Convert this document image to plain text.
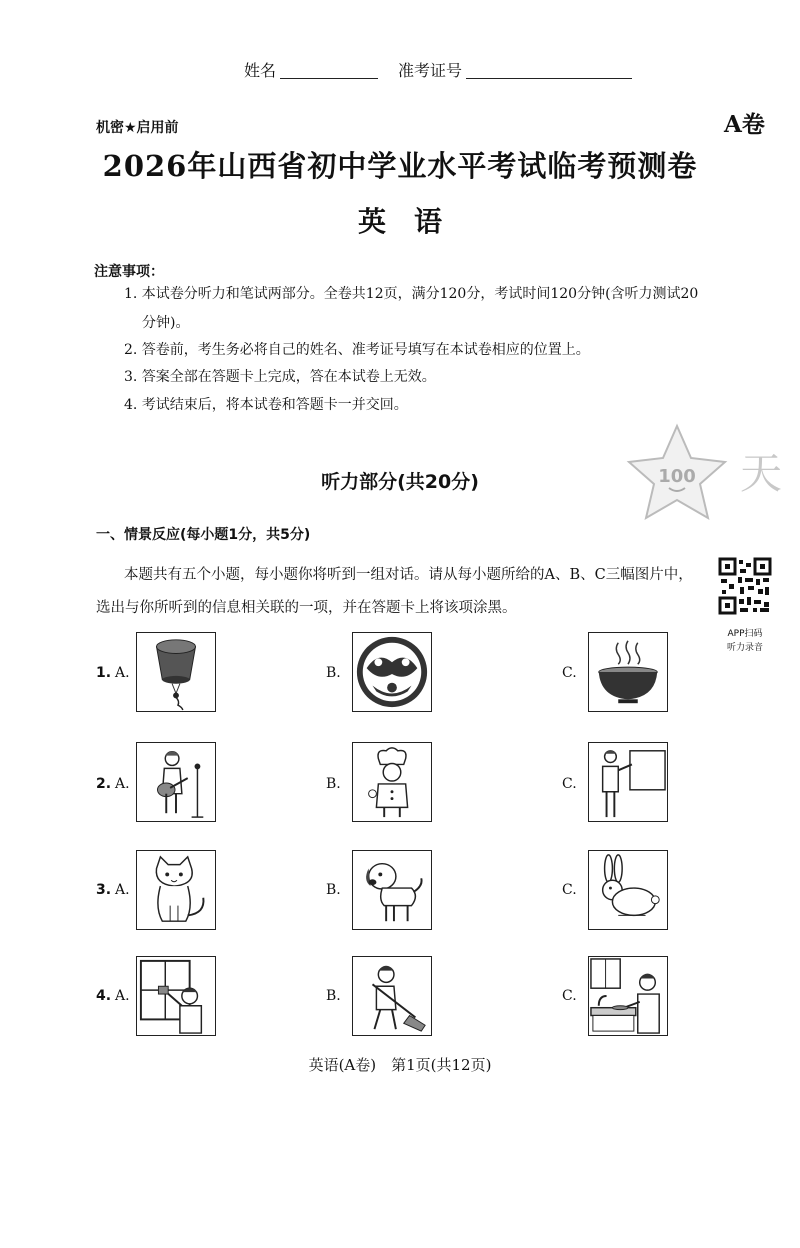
姓名	准考证号
机密★启用前	A卷
2026年山西省初中学业水平考试临考预测卷
英　语
注意事项：
1. 本试卷分听力和笔试两部分。全卷共12页，满分120分，考试时间120分钟(含听力测试20
分钟)。
2. 答卷前，考生务必将自己的姓名、准考证号填写在本试卷相应的位置上。
3. 答案全部在答题卡上完成，答在本试卷上无效。
4. 考试结束后，将本试卷和答题卡一并交回。
100 天
听力部分(共20分)
一、情景反应(每小题1分，共5分)
本题共有五个小题，每小题你将听到一组对话。请从每小题所给的A、B、C三幅图片中，
选出与你所听到的信息相关联的一项，并在答题卡上将该项涂黑。
APP扫码
听力录音
1. A.	B.	C.
2. A.	B.	C.
3. A.	B.	C.
4. A.	B.	C.
英语(A卷)　第1页(共12页)
